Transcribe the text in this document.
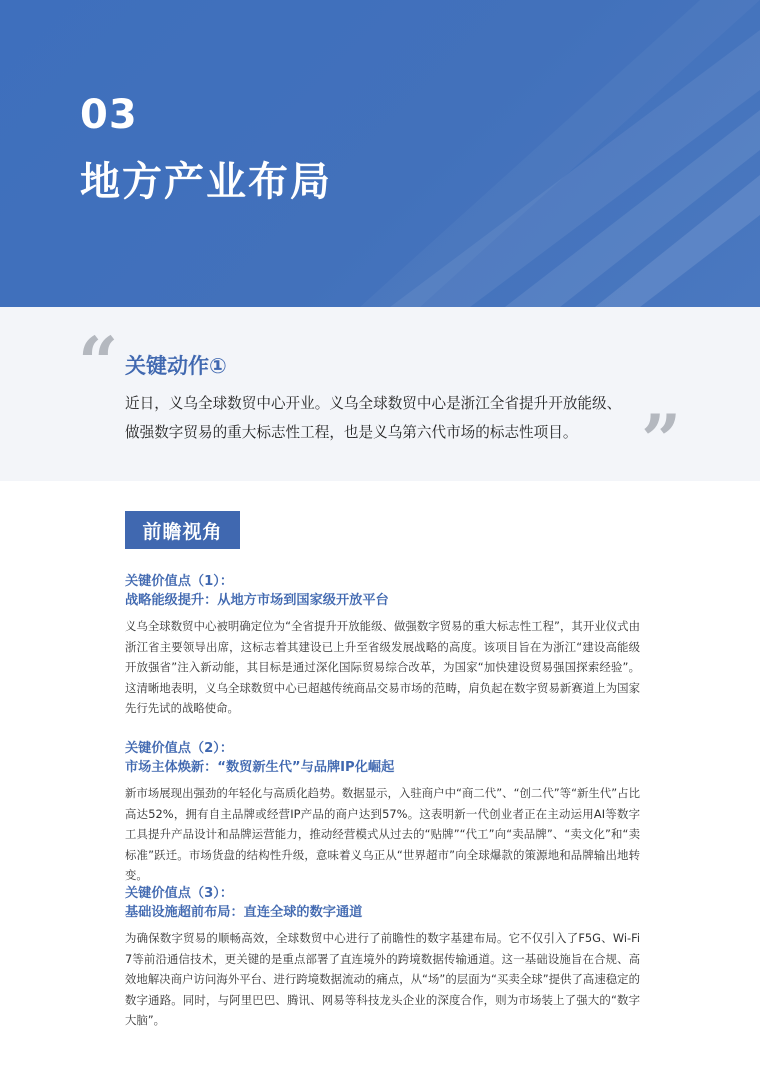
03
地方产业布局
“ 关键动作①
近日，义乌全球数贸中心开业。义乌全球数贸中心是浙江全省提升开放能级、做强数字贸易的重大标志性工程，也是义乌第六代市场的标志性项目。 ”
前瞻视角
关键价值点（1）：
战略能级提升：从地方市场到国家级开放平台
义乌全球数贸中心被明确定位为“全省提升开放能级、做强数字贸易的重大标志性工程”，其开业仪式由浙江省主要领导出席，这标志着其建设已上升至省级发展战略的高度。该项目旨在为浙江“建设高能级开放强省”注入新动能，其目标是通过深化国际贸易综合改革，为国家“加快建设贸易强国探索经验”。这清晰地表明，义乌全球数贸中心已超越传统商品交易市场的范畴，肩负起在数字贸易新赛道上为国家先行先试的战略使命。
关键价值点（2）：
市场主体焕新：“数贸新生代”与品牌IP化崛起
新市场展现出强劲的年轻化与高质化趋势。数据显示，入驻商户中“商二代”、“创二代”等“新生代”占比高达52%，拥有自主品牌或经营IP产品的商户达到57%。这表明新一代创业者正在主动运用AI等数字工具提升产品设计和品牌运营能力，推动经营模式从过去的“贴牌”“代工”向“卖品牌”、“卖文化”和“卖标准”跃迁。市场货盘的结构性升级，意味着义乌正从“世界超市”向全球爆款的策源地和品牌输出地转变。
关键价值点（3）：
基础设施超前布局：直连全球的数字通道
为确保数字贸易的顺畅高效，全球数贸中心进行了前瞻性的数字基建布局。它不仅引入了F5G、Wi-Fi 7等前沿通信技术，更关键的是重点部署了直连境外的跨境数据传输通道。这一基础设施旨在合规、高效地解决商户访问海外平台、进行跨境数据流动的痛点，从“场”的层面为“买卖全球”提供了高速稳定的数字通路。同时，与阿里巴巴、腾讯、网易等科技龙头企业的深度合作，则为市场装上了强大的“数字大脑”。
